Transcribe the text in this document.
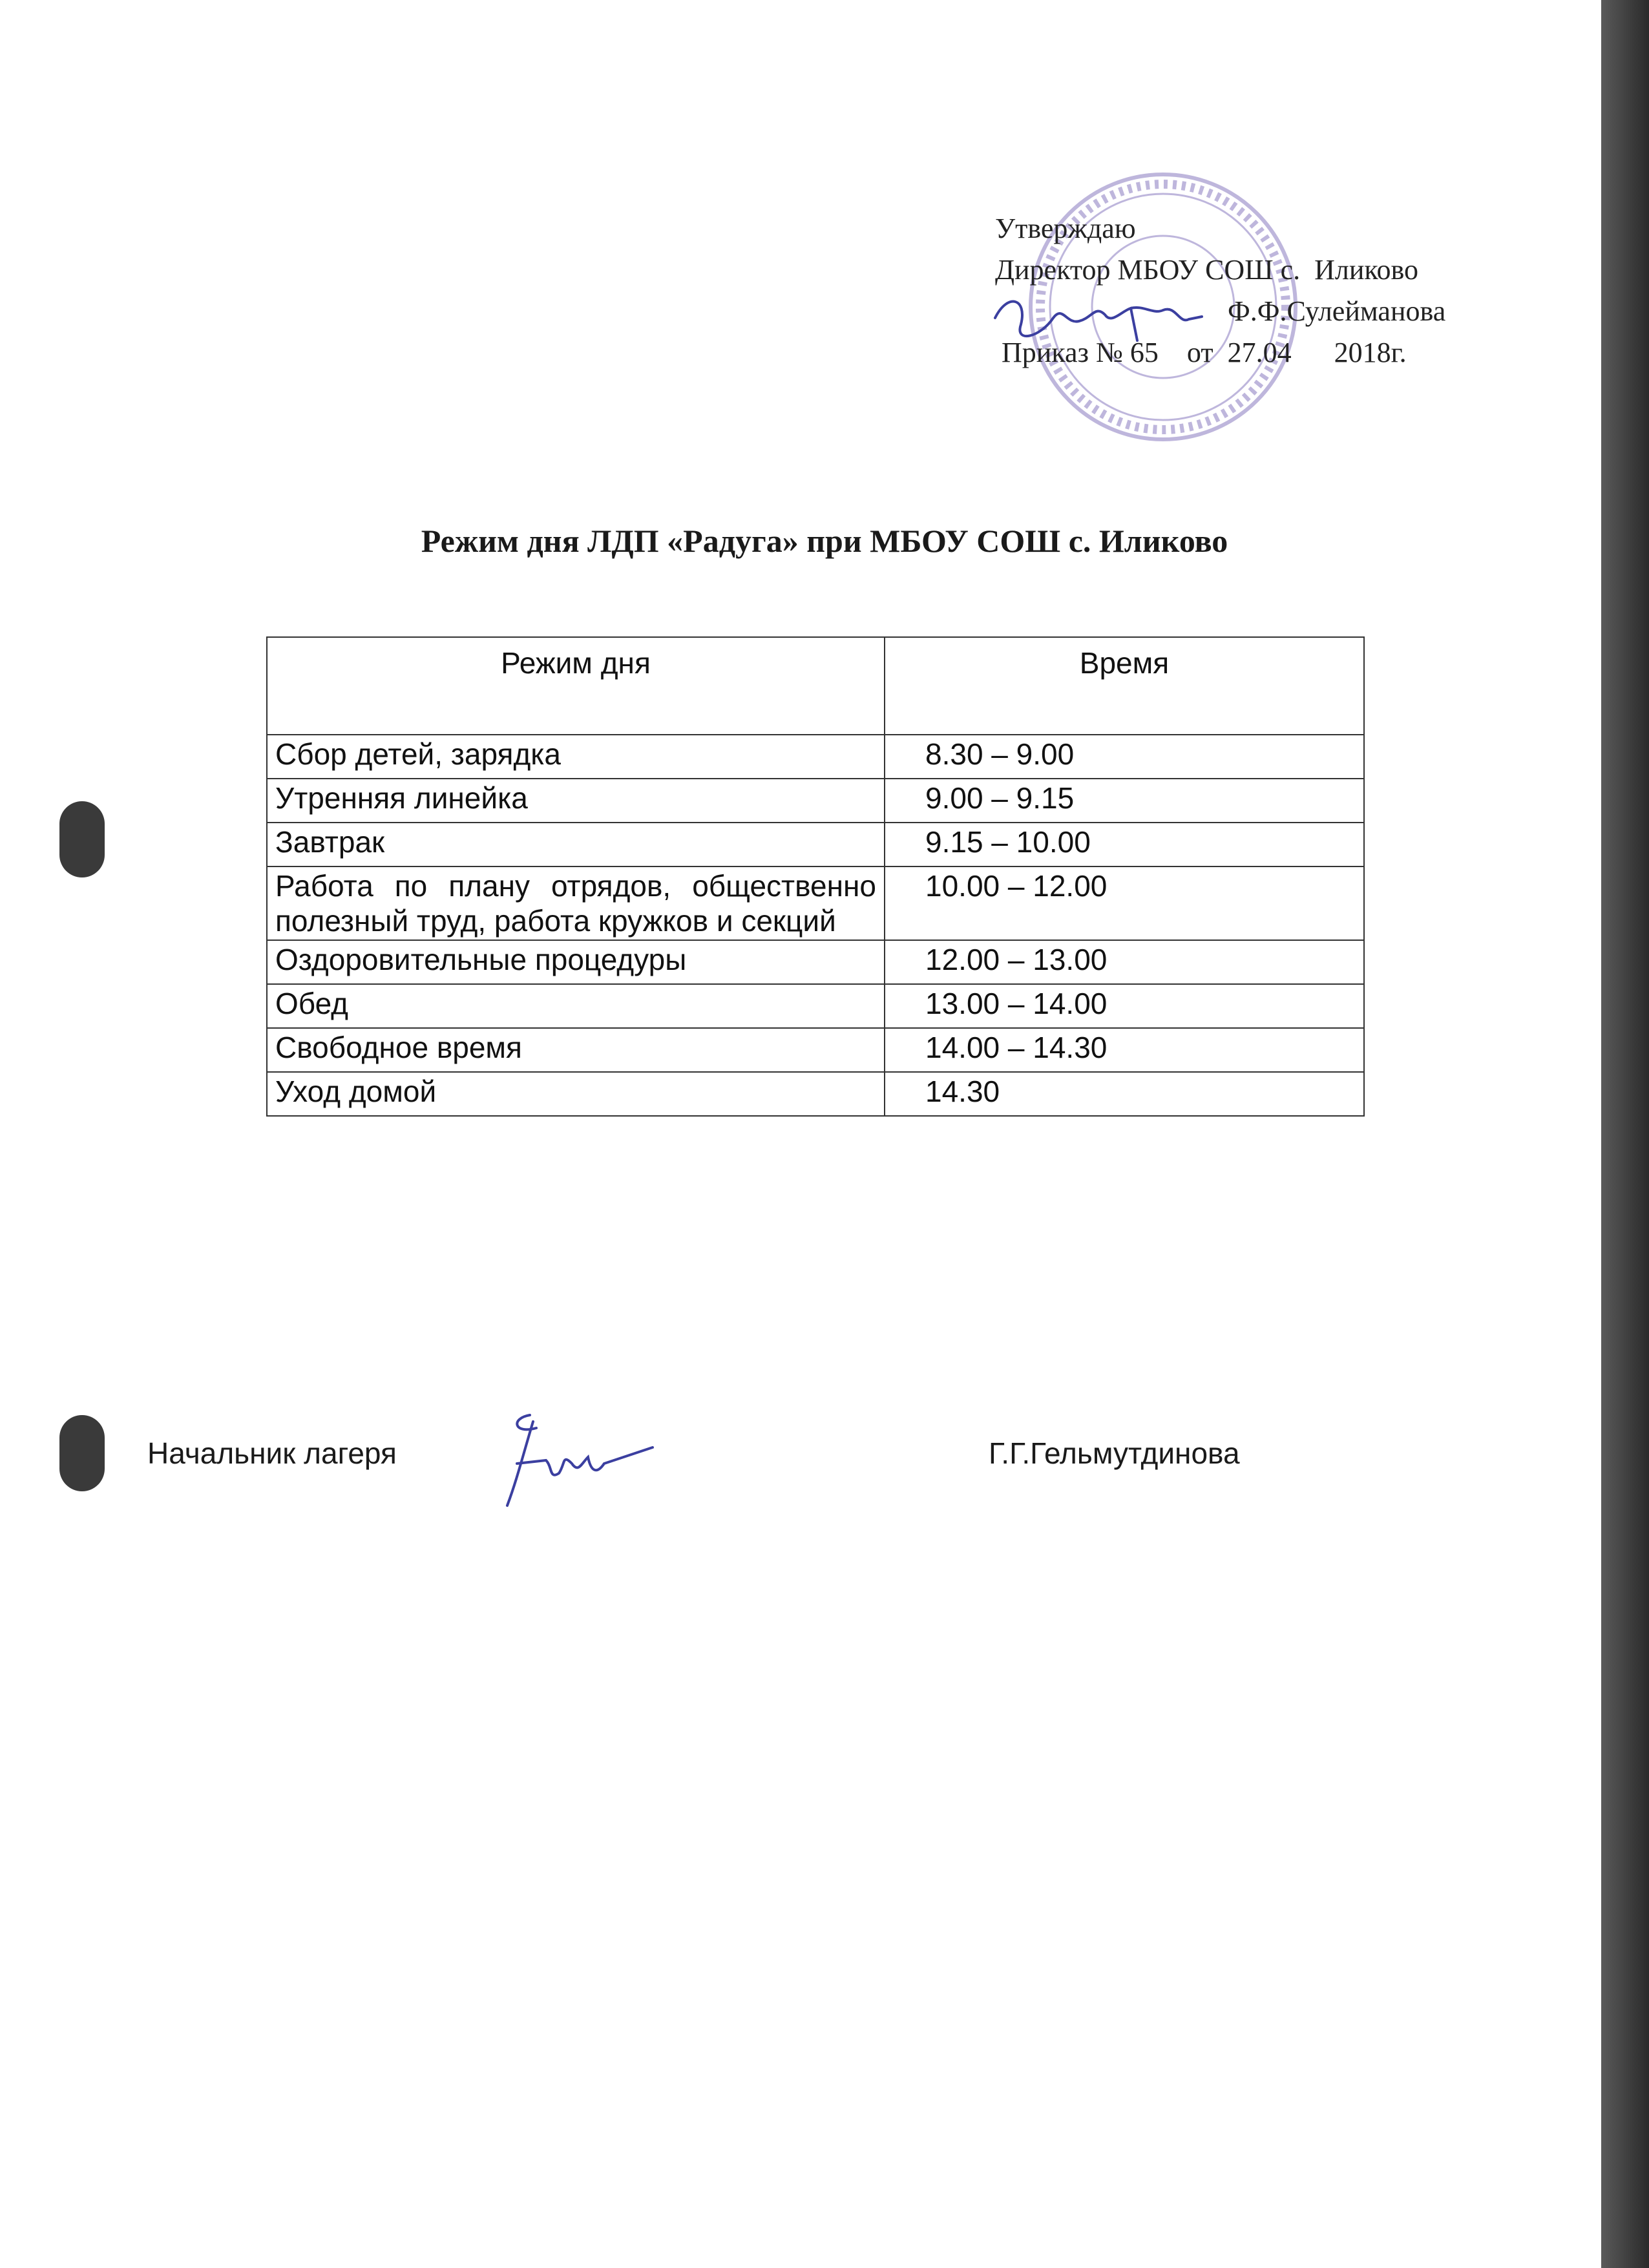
Утверждаю
Директор МБОУ СОШ с.  Иликово
Ф.Ф.Сулейманова
Приказ № 65    от  27.04      2018г.
Режим дня ЛДП «Радуга» при МБОУ СОШ с. Иликово
Режим дня	Время
Сбор детей, зарядка	8.30 – 9.00
Утренняя линейка	9.00 – 9.15
Завтрак	9.15 – 10.00
Работа по плану отрядов, общественно полезный труд, работа кружков и секций	10.00 – 12.00
Оздоровительные процедуры	12.00 – 13.00
Обед	13.00 – 14.00
Свободное время	14.00 – 14.30
Уход домой	14.30
Начальник лагеря	Г.Г.Гельмутдинова
